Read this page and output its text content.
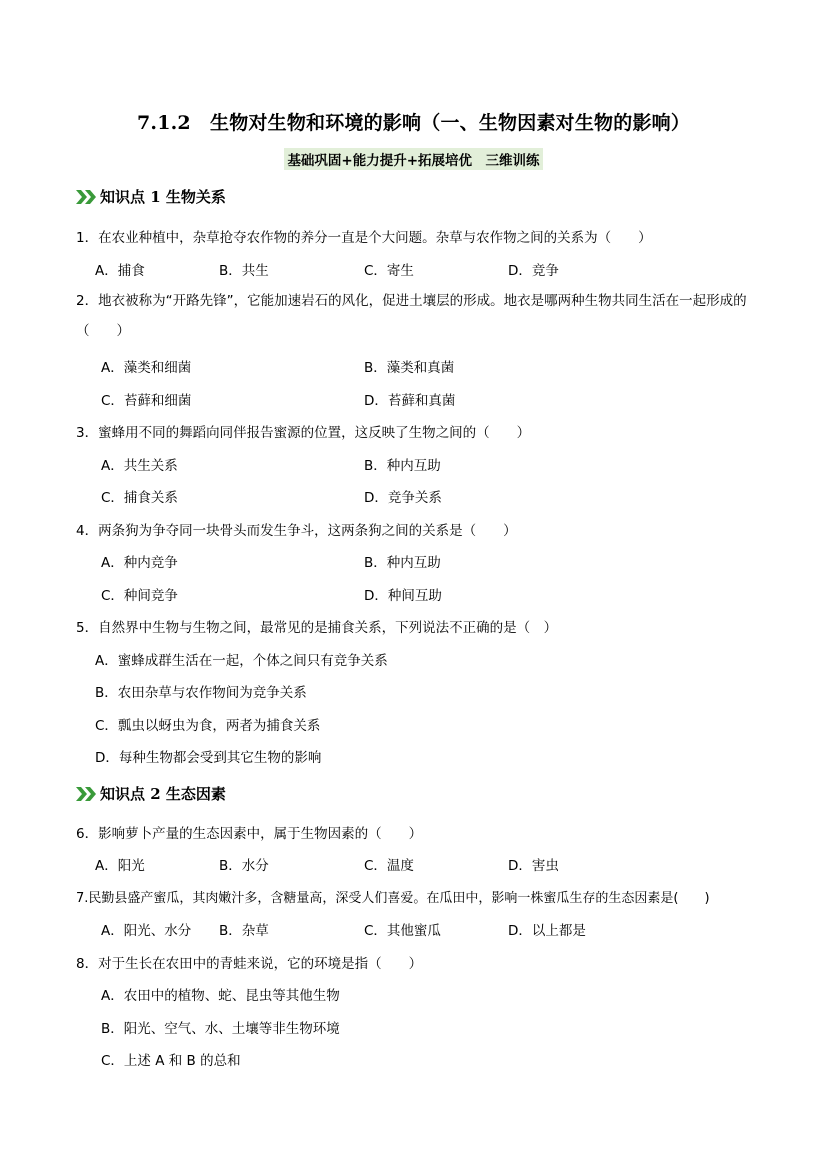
7.1.2　生物对生物和环境的影响（一、生物因素对生物的影响）
基础巩固+能力提升+拓展培优　三维训练
知识点 1 生物关系
1．在农业种植中，杂草抢夺农作物的养分一直是个大问题。杂草与农作物之间的关系为（　　）
A．捕食	B．共生	C．寄生	D．竞争
2．地衣被称为“开路先锋”，它能加速岩石的风化，促进土壤层的形成。地衣是哪两种生物共同生活在一起形成的（　　）
A．藻类和细菌	B．藻类和真菌
C．苔藓和细菌	D．苔藓和真菌
3．蜜蜂用不同的舞蹈向同伴报告蜜源的位置，这反映了生物之间的（　　）
A．共生关系	B．种内互助
C．捕食关系	D．竞争关系
4．两条狗为争夺同一块骨头而发生争斗，这两条狗之间的关系是（　　）
A．种内竞争	B．种内互助
C．种间竞争	D．种间互助
5．自然界中生物与生物之间，最常见的是捕食关系，下列说法不正确的是（　）
A．蜜蜂成群生活在一起，个体之间只有竞争关系
B．农田杂草与农作物间为竞争关系
C．瓢虫以蚜虫为食，两者为捕食关系
D．每种生物都会受到其它生物的影响
知识点 2 生态因素
6．影响萝卜产量的生态因素中，属于生物因素的（　　）
A．阳光	B．水分	C．温度	D．害虫
7.民勤县盛产蜜瓜，其肉嫩汁多，含糖量高，深受人们喜爱。在瓜田中，影响一株蜜瓜生存的生态因素是(　　)
A．阳光、水分 B．杂草	C．其他蜜瓜	D．以上都是
8．对于生长在农田中的青蛙来说，它的环境是指（　　）
A．农田中的植物、蛇、昆虫等其他生物
B．阳光、空气、水、土壤等非生物环境
C．上述 A 和 B 的总和
